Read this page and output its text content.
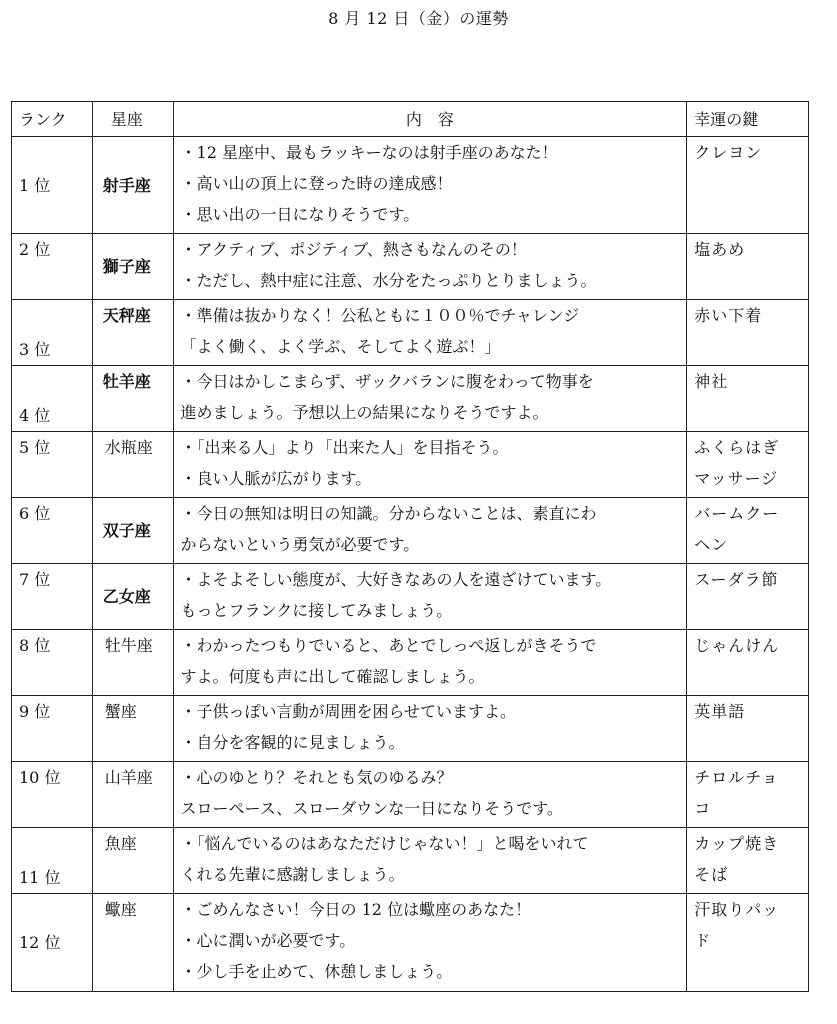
8 月 12 日（金）の運勢
ランク	星座	内　容	幸運の鍵
1 位	射手座	・12 星座中、最もラッキーなのは射手座のあなた！
・高い山の頂上に登った時の達成感！
・思い出の一日になりそうです。	クレヨン

2 位	獅子座	・アクティブ、ポジティブ、熱さもなんのその！
・ただし、熱中症に注意、水分をたっぷりとりましょう。	塩あめ

3 位	天秤座	・準備は抜かりなく！公私ともに１００％でチャレンジ
「よく働く、よく学ぶ、そしてよく遊ぶ！」	赤い下着

4 位	牡羊座	・今日はかしこまらず、ザックバランに腹をわって物事を
進めましょう。予想以上の結果になりそうですよ。	神社

5 位	水瓶座	・「出来る人」より「出来た人」を目指そう。
・良い人脈が広がります。	ふくらはぎ
マッサージ

6 位	双子座	・今日の無知は明日の知識。分からないことは、素直にわ
からないという勇気が必要です。	バームクー
ヘン

7 位	乙女座	・よそよそしい態度が、大好きなあの人を遠ざけています。
もっとフランクに接してみましょう。	スーダラ節

8 位	牡牛座	・わかったつもりでいると、あとでしっぺ返しがきそうで
すよ。何度も声に出して確認しましょう。	じゃんけん

9 位	蟹座	・子供っぽい言動が周囲を困らせていますよ。
・自分を客観的に見ましょう。	英単語

10 位	山羊座	・心のゆとり？それとも気のゆるみ？
スローペース、スローダウンな一日になりそうです。	チロルチョ
コ

11 位	魚座	・「悩んでいるのはあなただけじゃない！」と喝をいれて
くれる先輩に感謝しましょう。	カップ焼き
そば

12 位	蠍座	・ごめんなさい！今日の 12 位は蠍座のあなた！
・心に潤いが必要です。
・少し手を止めて、休憩しましょう。	汗取りパッ
ド
